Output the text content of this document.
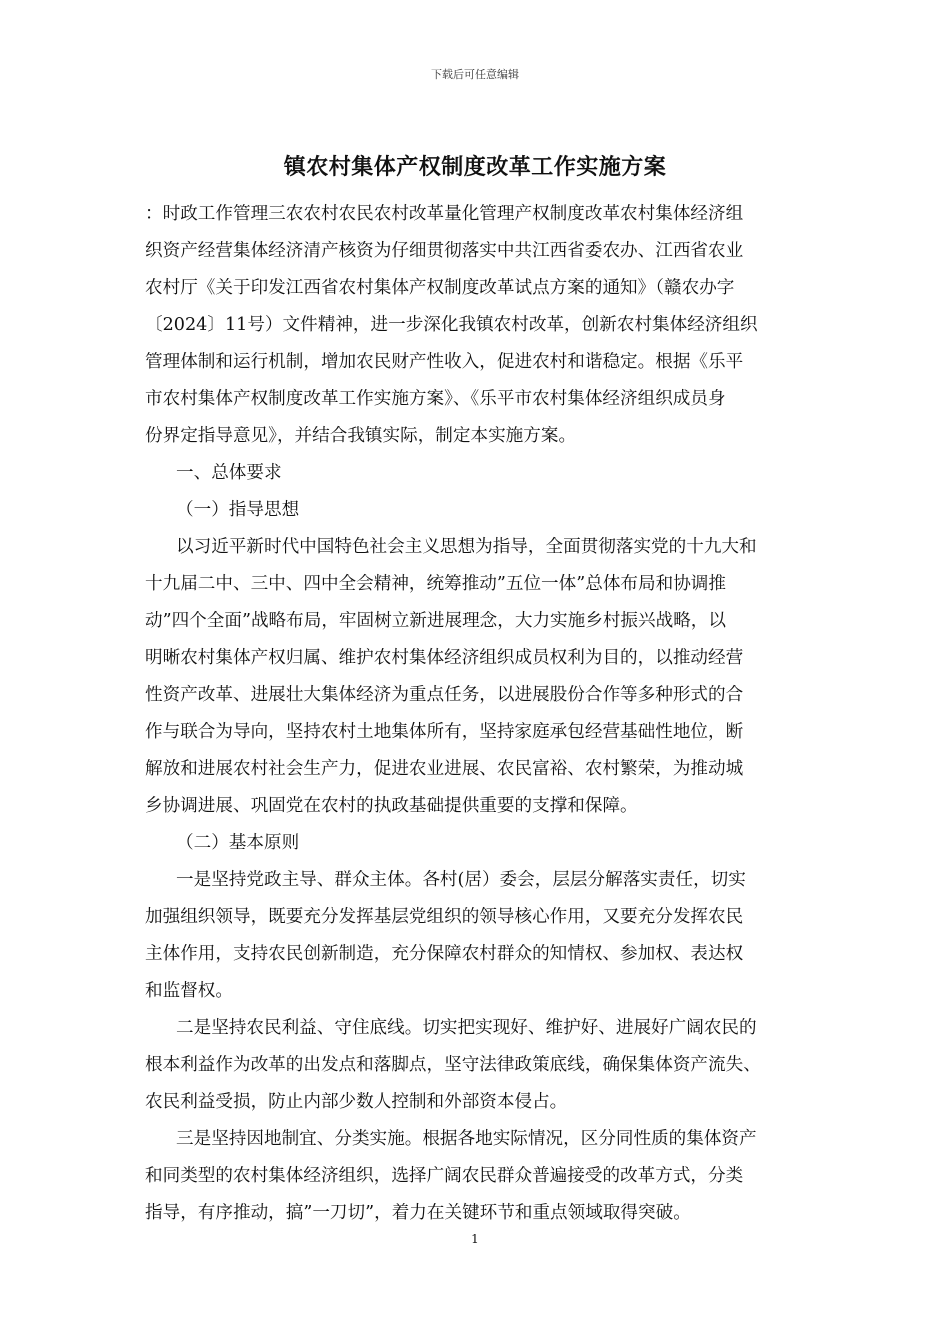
下载后可任意编辑
镇农村集体产权制度改革工作实施方案
：时政工作管理三农农村农民农村改革量化管理产权制度改革农村集体经济组
织资产经营集体经济清产核资为仔细贯彻落实中共江西省委农办、江西省农业
农村厅《关于印发江西省农村集体产权制度改革试点方案的通知》（赣农办字
〔2024〕11号）文件精神，进一步深化我镇农村改革，创新农村集体经济组织
管理体制和运行机制，增加农民财产性收入，促进农村和谐稳定。根据《乐平
市农村集体产权制度改革工作实施方案》、《乐平市农村集体经济组织成员身
份界定指导意见》，并结合我镇实际，制定本实施方案。
一、总体要求
（一）指导思想
以习近平新时代中国特色社会主义思想为指导，全面贯彻落实党的十九大和
十九届二中、三中、四中全会精神，统筹推动”五位一体”总体布局和协调推
动”四个全面”战略布局，牢固树立新进展理念，大力实施乡村振兴战略，以
明晰农村集体产权归属、维护农村集体经济组织成员权利为目的，以推动经营
性资产改革、进展壮大集体经济为重点任务，以进展股份合作等多种形式的合
作与联合为导向，坚持农村土地集体所有，坚持家庭承包经营基础性地位，断
解放和进展农村社会生产力，促进农业进展、农民富裕、农村繁荣，为推动城
乡协调进展、巩固党在农村的执政基础提供重要的支撑和保障。
（二）基本原则
一是坚持党政主导、群众主体。各村(居）委会，层层分解落实责任，切实
加强组织领导，既要充分发挥基层党组织的领导核心作用，又要充分发挥农民
主体作用，支持农民创新制造，充分保障农村群众的知情权、参加权、表达权
和监督权。
二是坚持农民利益、守住底线。切实把实现好、维护好、进展好广阔农民的
根本利益作为改革的出发点和落脚点，坚守法律政策底线，确保集体资产流失、
农民利益受损，防止内部少数人控制和外部资本侵占。
三是坚持因地制宜、分类实施。根据各地实际情况，区分同性质的集体资产
和同类型的农村集体经济组织，选择广阔农民群众普遍接受的改革方式，分类
指导，有序推动，搞”一刀切”，着力在关键环节和重点领域取得突破。
1
